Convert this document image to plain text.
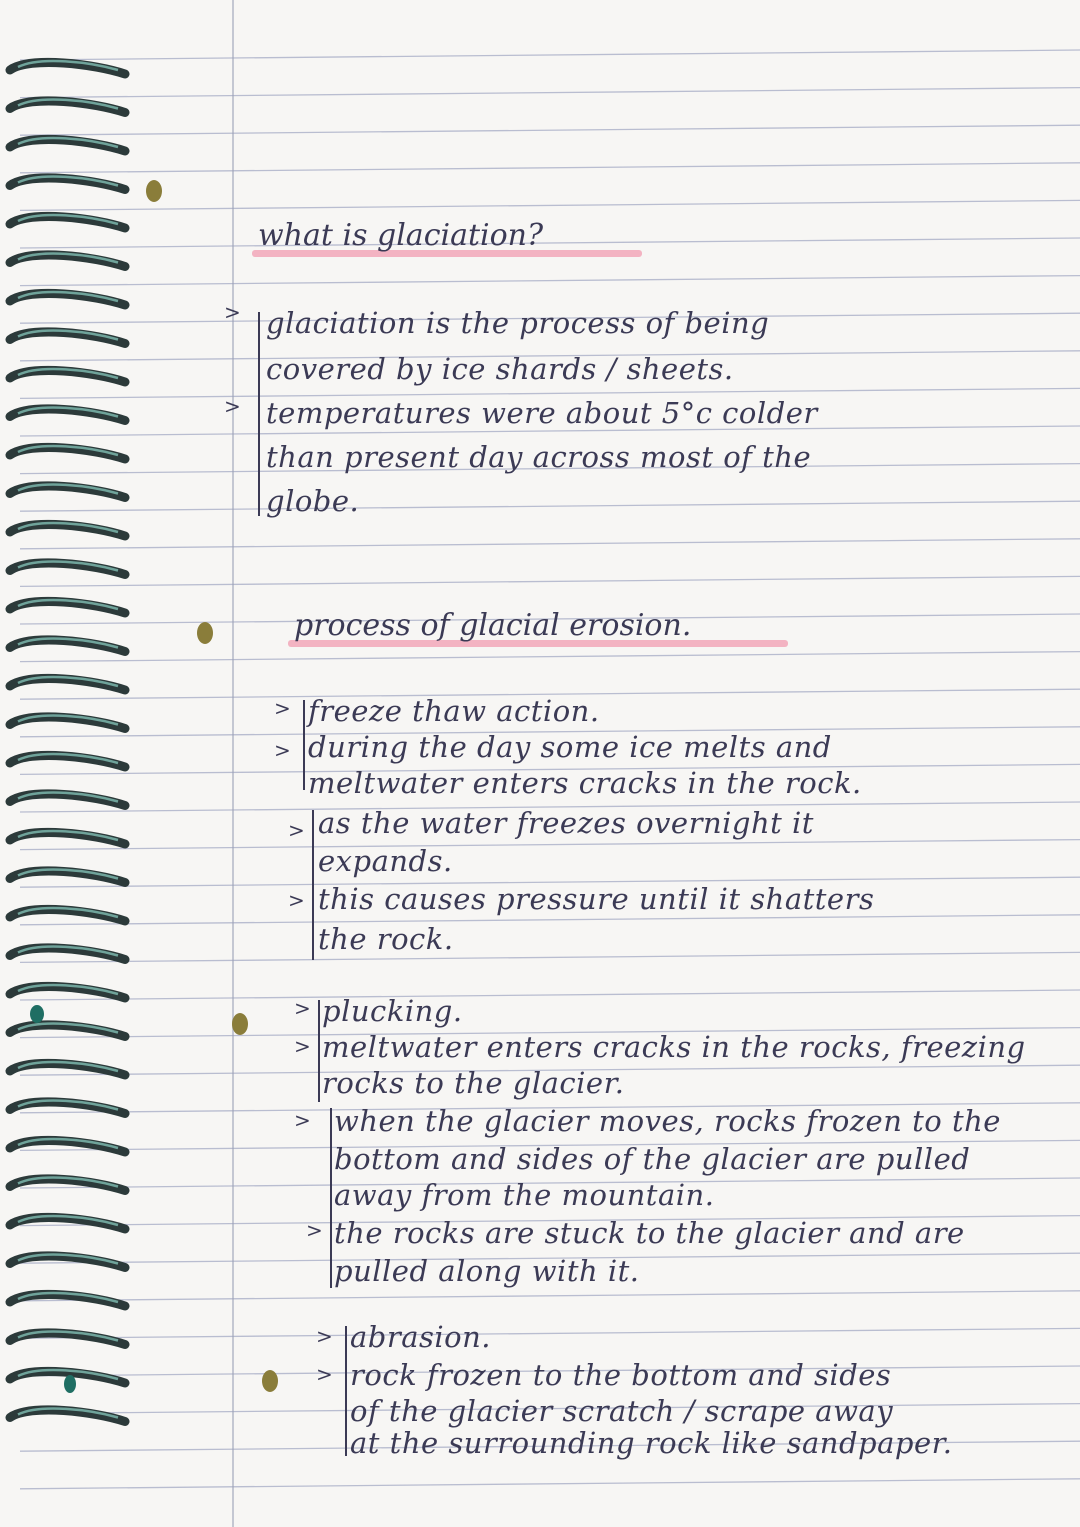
what is glaciation?
>
>
glaciation is the process of being
covered by ice shards / sheets.
temperatures were about 5°c colder
than present day across most of the
globe.
process of glacial erosion.
>
>
>
>
freeze thaw action.
during the day some ice melts and
meltwater enters cracks in the rock.
as the water freezes overnight it
expands.
this causes pressure until it shatters
the rock.
>
>
>
>
plucking.
meltwater enters cracks in the rocks, freezing
rocks to the glacier.
when the glacier moves, rocks frozen to the
bottom and sides of the glacier are pulled
away from the mountain.
the rocks are stuck to the glacier and are
pulled along with it.
>
>
abrasion.
rock frozen to the bottom and sides
of the glacier scratch / scrape away
at the surrounding rock like sandpaper.
